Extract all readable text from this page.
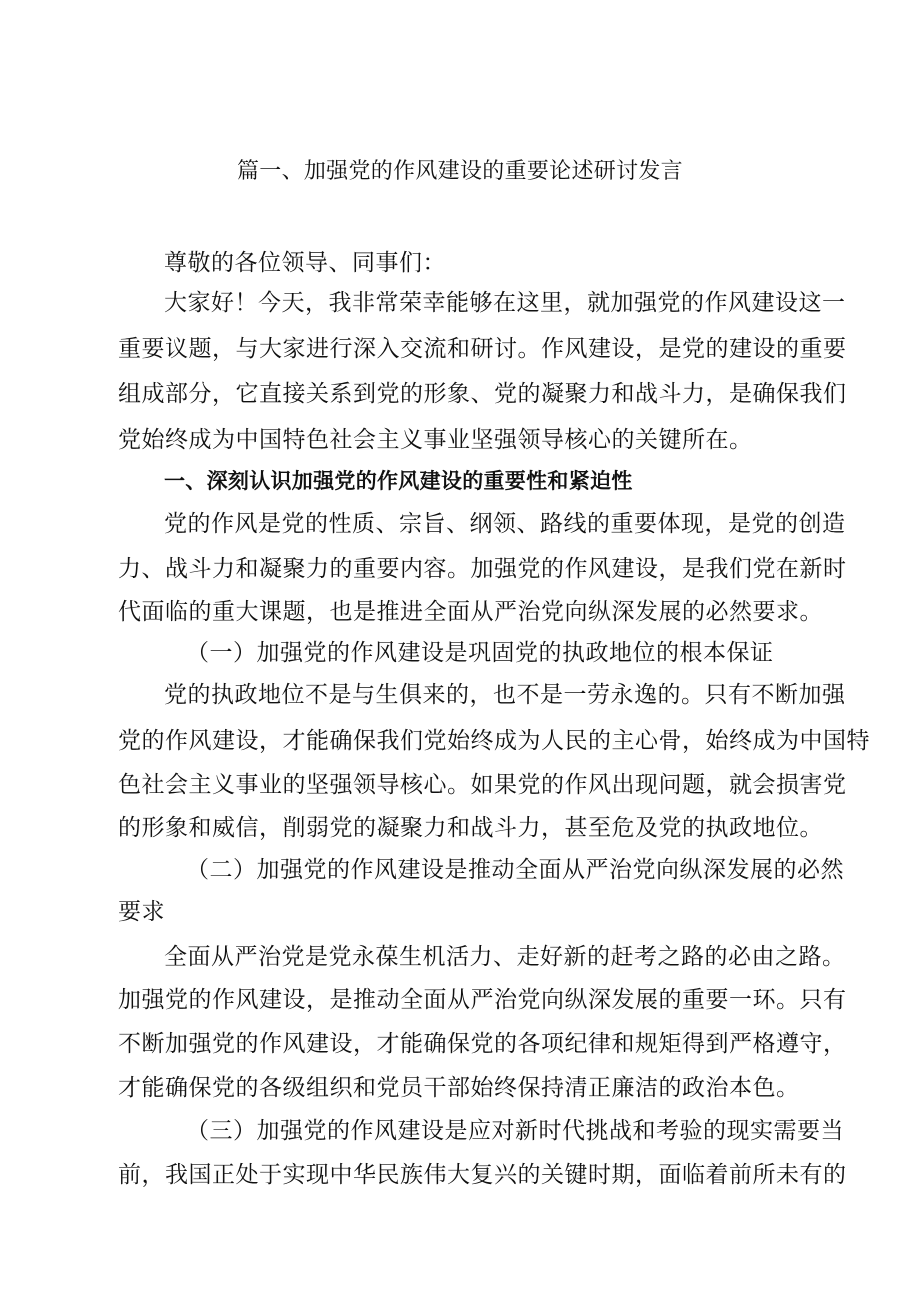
篇一、加强党的作风建设的重要论述研讨发言
尊敬的各位领导、同事们：
大家好！今天，我非常荣幸能够在这里，就加强党的作风建设这一
重要议题，与大家进行深入交流和研讨。作风建设，是党的建设的重要
组成部分，它直接关系到党的形象、党的凝聚力和战斗力，是确保我们
党始终成为中国特色社会主义事业坚强领导核心的关键所在。
一、深刻认识加强党的作风建设的重要性和紧迫性
党的作风是党的性质、宗旨、纲领、路线的重要体现，是党的创造
力、战斗力和凝聚力的重要内容。加强党的作风建设，是我们党在新时
代面临的重大课题，也是推进全面从严治党向纵深发展的必然要求。
（一）加强党的作风建设是巩固党的执政地位的根本保证
党的执政地位不是与生俱来的，也不是一劳永逸的。只有不断加强
党的作风建设，才能确保我们党始终成为人民的主心骨，始终成为中国特
色社会主义事业的坚强领导核心。如果党的作风出现问题，就会损害党
的形象和威信，削弱党的凝聚力和战斗力，甚至危及党的执政地位。
（二）加强党的作风建设是推动全面从严治党向纵深发展的必然
要求
全面从严治党是党永葆生机活力、走好新的赶考之路的必由之路。
加强党的作风建设，是推动全面从严治党向纵深发展的重要一环。只有
不断加强党的作风建设，才能确保党的各项纪律和规矩得到严格遵守，
才能确保党的各级组织和党员干部始终保持清正廉洁的政治本色。
（三）加强党的作风建设是应对新时代挑战和考验的现实需要当
前，我国正处于实现中华民族伟大复兴的关键时期，面临着前所未有的
